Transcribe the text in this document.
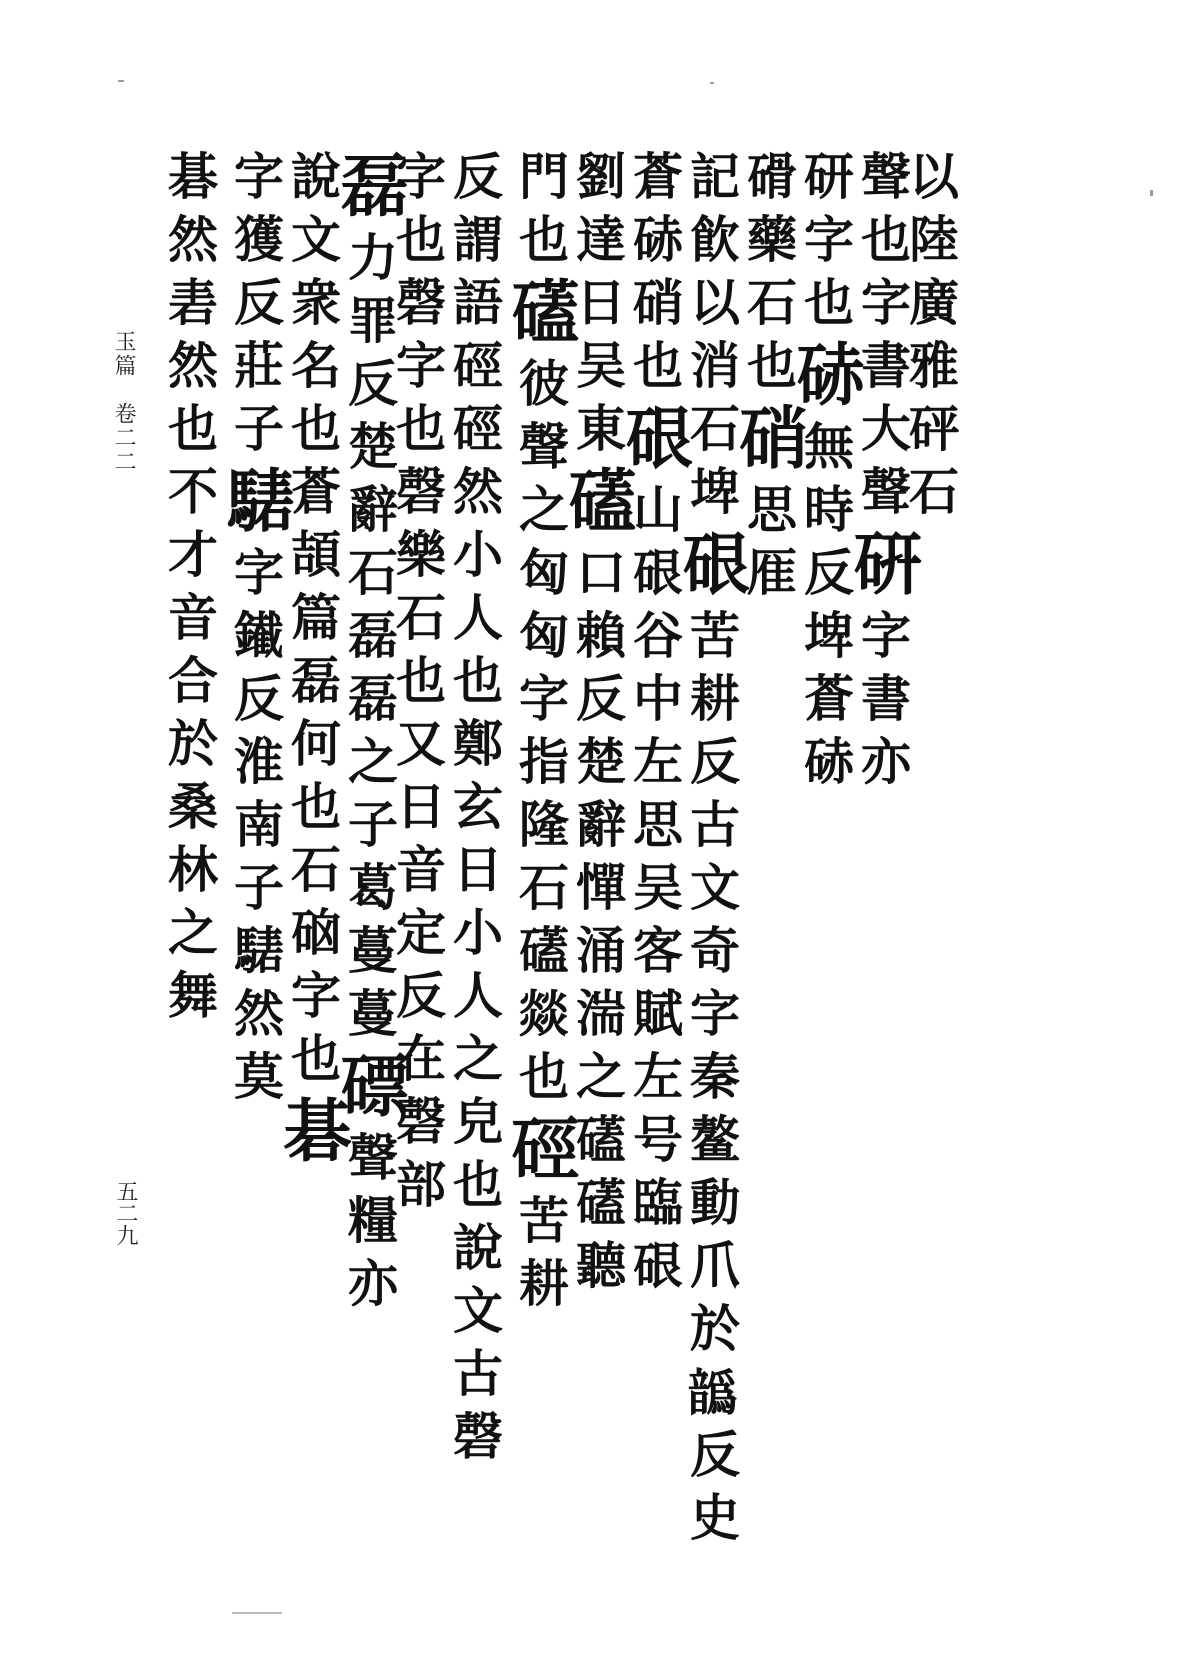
玉篇　卷二二
五二九
以陸廣雅砰石
聲也字書大聲硏字書亦
研字也硳無時反埤蒼硳
磆藥石也硝思㕍
記飮以消石埤硍苦耕反古文奇字秦鳌動爪於𩑁反史
蒼硳硝也硍山硍谷中左思吴客賦左号臨硍
劉達日吴東礚口賴反楚辭憚涌湍之礚礚聽
門也礚彼聲之匈匈字指隆石礚燚也硜苦耕
反謂語硜硜然小人也鄭玄日小人之皃也說文古磬
字也磬字也磬樂石也又日音定反在磬部
磊力罪反楚辭石磊磊之子葛蔓蔓磦聲糧亦
說文衆名也蒼頡篇磊何也石硇字也碁
字獲反莊子騞字䥫反淮南子騞然莫
碁然砉然也不才音合於桑林之舞
